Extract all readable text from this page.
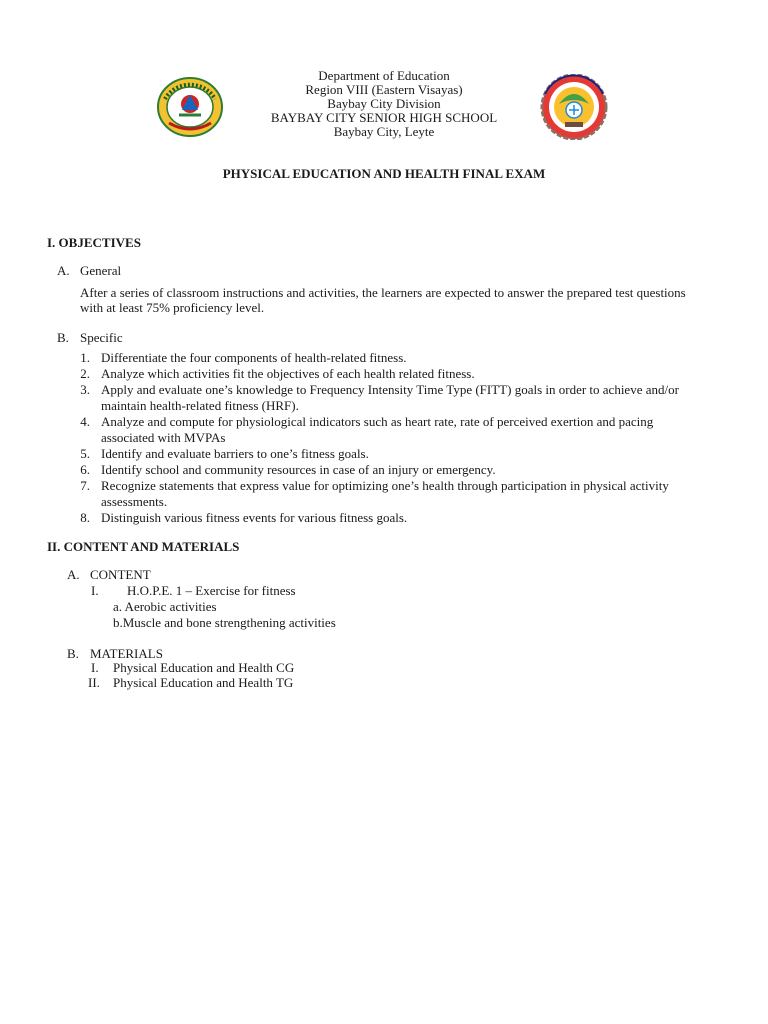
Department of Education
Region VIII (Eastern Visayas)
Baybay City Division
BAYBAY CITY SENIOR HIGH SCHOOL
Baybay City, Leyte
PHYSICAL EDUCATION AND HEALTH FINAL EXAM
I. OBJECTIVES
A. General
After a series of classroom instructions and activities, the learners are expected to answer the prepared test questions
with at least 75% proficiency level.
B. Specific
1. Differentiate the four components of health-related fitness.
2. Analyze which activities fit the objectives of each health related fitness.
3. Apply and evaluate one’s knowledge to Frequency Intensity Time Type (FITT) goals in order to achieve and/or
maintain health-related fitness (HRF).
4. Analyze and compute for physiological indicators such as heart rate, rate of perceived exertion and pacing
associated with MVPAs
5. Identify and evaluate barriers to one’s fitness goals.
6. Identify school and community resources in case of an injury or emergency.
7. Recognize statements that express value for optimizing one’s health through participation in physical activity
assessments.
8. Distinguish various fitness events for various fitness goals.
II. CONTENT AND MATERIALS
A. CONTENT
I. H.O.P.E. 1 – Exercise for fitness
a. Aerobic activities
b.Muscle and bone strengthening activities
B. MATERIALS
I. Physical Education and Health CG
II. Physical Education and Health TG
